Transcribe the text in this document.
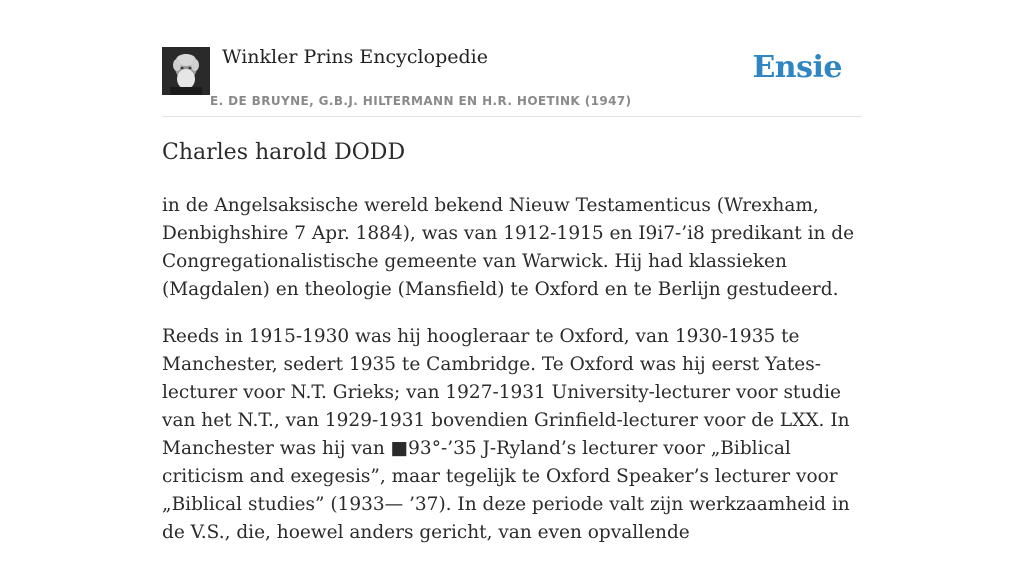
Winkler Prins Encyclopedie
E. DE BRUYNE, G.B.J. HILTERMANN EN H.R. HOETINK (1947)
Ensie
Charles harold DODD

in de Angelsaksische wereld bekend Nieuw Testamenticus (Wrexham, Denbighshire 7 Apr. 1884), was van 1912-1915 en I9i7-’i8 predikant in de Congregationalistische gemeente van Warwick. Hij had klassieken (Magdalen) en theologie (Mansfield) te Oxford en te Berlijn gestudeerd.

Reeds in 1915-1930 was hij hoogleraar te Oxford, van 1930-1935 te Manchester, sedert 1935 te Cambridge. Te Oxford was hij eerst Yates-lecturer voor N.T. Grieks; van 1927-1931 University-lecturer voor studie van het N.T., van 1929-1931 bovendien Grinfield-lecturer voor de LXX. In Manchester was hij van ■93°-’35 J-Ryland’s lecturer voor „Biblical criticism and exegesis”, maar tegelijk te Oxford Speaker’s lecturer voor „Biblical studies” (1933— ’37). In deze periode valt zijn werkzaamheid in de V.S., die, hoewel anders gericht, van even opvallende
